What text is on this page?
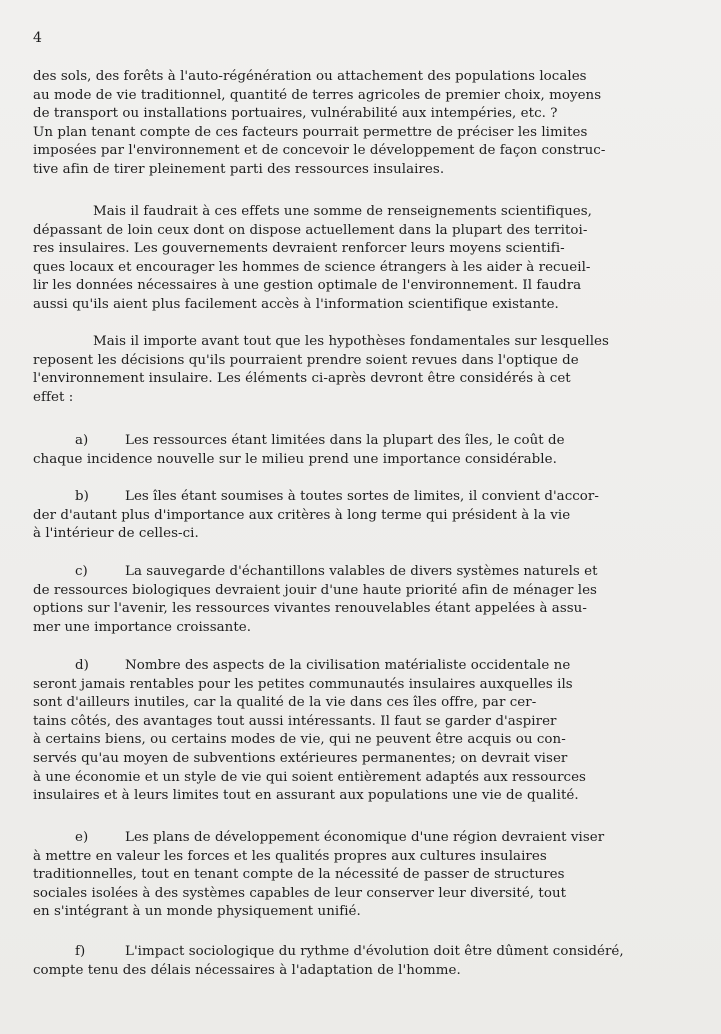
4
des sols, des forêts à l'auto-régénération ou attachement des populations locales
au mode de vie traditionnel, quantité de terres agricoles de premier choix, moyens
de transport ou installations portuaires, vulnérabilité aux intempéries, etc. ?
Un plan tenant compte de ces facteurs pourrait permettre de préciser les limites
imposées par l'environnement et de concevoir le développement de façon construc-
tive afin de tirer pleinement parti des ressources insulaires.
Mais il faudrait à ces effets une somme de renseignements scientifiques,
dépassant de loin ceux dont on dispose actuellement dans la plupart des territoi-
res insulaires. Les gouvernements devraient renforcer leurs moyens scientifi-
ques locaux et encourager les hommes de science étrangers à les aider à recueil-
lir les données nécessaires à une gestion optimale de l'environnement. Il faudra
aussi qu'ils aient plus facilement accès à l'information scientifique existante.
Mais il importe avant tout que les hypothèses fondamentales sur lesquelles
reposent les décisions qu'ils pourraient prendre soient revues dans l'optique de
l'environnement insulaire. Les éléments ci-après devront être considérés à cet
effet :
a)	Les ressources étant limitées dans la plupart des îles, le coût de
chaque incidence nouvelle sur le milieu prend une importance considérable.
b)	Les îles étant soumises à toutes sortes de limites, il convient d'accor-
der d'autant plus d'importance aux critères à long terme qui président à la vie
à l'intérieur de celles-ci.
c)	La sauvegarde d'échantillons valables de divers systèmes naturels et
de ressources biologiques devraient jouir d'une haute priorité afin de ménager les
options sur l'avenir, les ressources vivantes renouvelables étant appelées à assu-
mer une importance croissante.
d)	Nombre des aspects de la civilisation matérialiste occidentale ne
seront jamais rentables pour les petites communautés insulaires auxquelles ils
sont d'ailleurs inutiles, car la qualité de la vie dans ces îles offre, par cer-
tains côtés, des avantages tout aussi intéressants. Il faut se garder d'aspirer
à certains biens, ou certains modes de vie, qui ne peuvent être acquis ou con-
servés qu'au moyen de subventions extérieures permanentes; on devrait viser
à une économie et un style de vie qui soient entièrement adaptés aux ressources
insulaires et à leurs limites tout en assurant aux populations une vie de qualité.
e)	Les plans de développement économique d'une région devraient viser
à mettre en valeur les forces et les qualités propres aux cultures insulaires
traditionnelles, tout en tenant compte de la nécessité de passer de structures
sociales isolées à des systèmes capables de leur conserver leur diversité, tout
en s'intégrant à un monde physiquement unifié.
f)	L'impact sociologique du rythme d'évolution doit être dûment considéré,
compte tenu des délais nécessaires à l'adaptation de l'homme.
